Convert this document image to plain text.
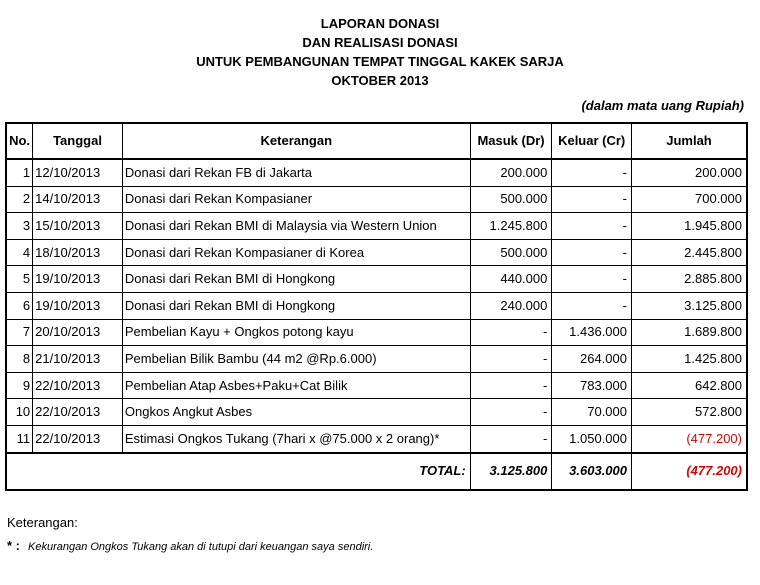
LAPORAN DONASI
DAN REALISASI DONASI
UNTUK PEMBANGUNAN TEMPAT TINGGAL KAKEK SARJA
OKTOBER 2013
(dalam mata uang Rupiah)
No.	Tanggal	Keterangan	Masuk (Dr)	Keluar (Cr)	Jumlah
1	12/10/2013	Donasi dari Rekan FB di Jakarta	200.000	-	200.000
2	14/10/2013	Donasi dari Rekan Kompasianer	500.000	-	700.000
3	15/10/2013	Donasi dari Rekan BMI di Malaysia via Western Union	1.245.800	-	1.945.800
4	18/10/2013	Donasi dari Rekan Kompasianer di Korea	500.000	-	2.445.800
5	19/10/2013	Donasi dari Rekan BMI di Hongkong	440.000	-	2.885.800
6	19/10/2013	Donasi dari Rekan BMI di Hongkong	240.000	-	3.125.800
7	20/10/2013	Pembelian Kayu + Ongkos potong kayu	-	1.436.000	1.689.800
8	21/10/2013	Pembelian Bilik Bambu (44 m2 @Rp.6.000)	-	264.000	1.425.800
9	22/10/2013	Pembelian Atap Asbes+Paku+Cat Bilik	-	783.000	642.800
10	22/10/2013	Ongkos Angkut Asbes	-	70.000	572.800
11	22/10/2013	Estimasi Ongkos Tukang (7hari x @75.000 x 2 orang)*	-	1.050.000	(477.200)
TOTAL:			3.125.800	3.603.000	(477.200)
Keterangan:
* : Kekurangan Ongkos Tukang akan di tutupi dari keuangan saya sendiri.
